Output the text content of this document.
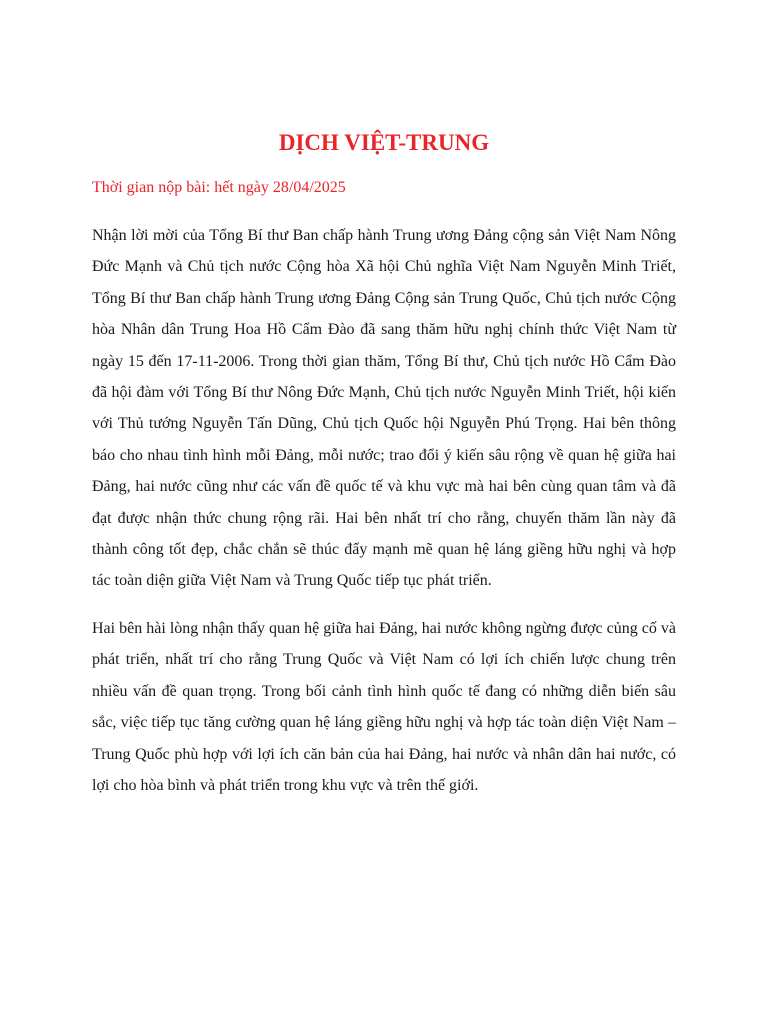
DỊCH VIỆT-TRUNG

Thời gian nộp bài: hết ngày 28/04/2025

Nhận lời mời của Tổng Bí thư Ban chấp hành Trung ương Đảng cộng sản Việt Nam Nông Đức Mạnh và Chủ tịch nước Cộng hòa Xã hội Chủ nghĩa Việt Nam Nguyễn Minh Triết, Tổng Bí thư Ban chấp hành Trung ương Đảng Cộng sản Trung Quốc, Chủ tịch nước Cộng hòa Nhân dân Trung Hoa Hồ Cẩm Đào đã sang thăm hữu nghị chính thức Việt Nam từ ngày 15 đến 17-11-2006. Trong thời gian thăm, Tổng Bí thư, Chủ tịch nước Hồ Cẩm Đào đã hội đàm với Tổng Bí thư Nông Đức Mạnh, Chủ tịch nước Nguyễn Minh Triết, hội kiến với Thủ tướng Nguyễn Tấn Dũng, Chủ tịch Quốc hội Nguyễn Phú Trọng. Hai bên thông báo cho nhau tình hình mỗi Đảng, mỗi nước; trao đổi ý kiến sâu rộng về quan hệ giữa hai Đảng, hai nước cũng như các vấn đề quốc tế và khu vực mà hai bên cùng quan tâm và đã đạt được nhận thức chung rộng rãi. Hai bên nhất trí cho rằng, chuyến thăm lần này đã thành công tốt đẹp, chắc chắn sẽ thúc đẩy mạnh mẽ quan hệ láng giềng hữu nghị và hợp tác toàn diện giữa Việt Nam và Trung Quốc tiếp tục phát triển.

Hai bên hài lòng nhận thấy quan hệ giữa hai Đảng, hai nước không ngừng được củng cố và phát triển, nhất trí cho rằng Trung Quốc và Việt Nam có lợi ích chiến lược chung trên nhiều vấn đề quan trọng. Trong bối cảnh tình hình quốc tế đang có những diễn biến sâu sắc, việc tiếp tục tăng cường quan hệ láng giềng hữu nghị và hợp tác toàn diện Việt Nam – Trung Quốc phù hợp với lợi ích căn bản của hai Đảng, hai nước và nhân dân hai nước, có lợi cho hòa bình và phát triển trong khu vực và trên thế giới.
